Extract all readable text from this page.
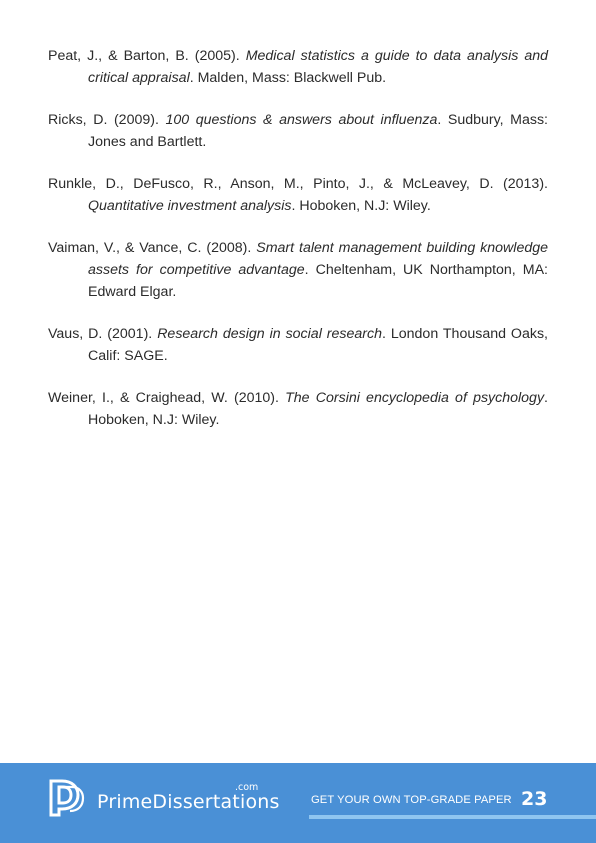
Peat, J., & Barton, B. (2005). Medical statistics a guide to data analysis and critical appraisal. Malden, Mass: Blackwell Pub.

Ricks, D. (2009). 100 questions & answers about influenza. Sudbury, Mass: Jones and Bartlett.

Runkle, D., DeFusco, R., Anson, M., Pinto, J., & McLeavey, D. (2013). Quantitative investment analysis. Hoboken, N.J: Wiley.

Vaiman, V., & Vance, C. (2008). Smart talent management building knowledge assets for competitive advantage. Cheltenham, UK Northampton, MA: Edward Elgar.

Vaus, D. (2001). Research design in social research. London Thousand Oaks, Calif: SAGE.

Weiner, I., & Craighead, W. (2010). The Corsini encyclopedia of psychology. Hoboken, N.J: Wiley.

PrimeDissertations
.com
GET YOUR OWN TOP-GRADE PAPER 23
